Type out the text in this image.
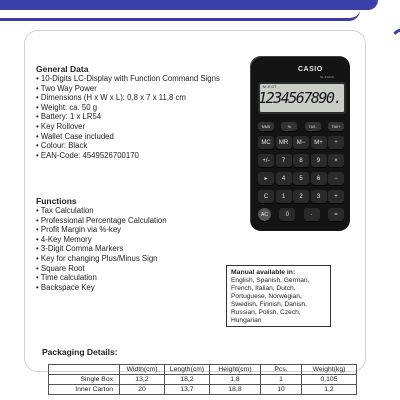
General Data
• 10-Digits LC-Display with Function Command Signs
• Two Way Power
• Dimensions (H x W x L): 0,8 x 7 x 11,8 cm
• Weight: ca. 50 g
• Battery: 1 x LR54
• Key Rollover
• Wallet Case included
• Colour: Black
• EAN-Code: 4549526700170
Functions
• Tax Calculation
• Professional Percentage Calculation
• Profit Margin via %-key
• 4-Key Memory
• 3-Digit Comma Markers
• Key for changing Plus/Minus Sign
• Square Root
• Time calculation
• Backspace Key
Manual available in:
English, Spanish, German, French, Italian, Dutch, Portuguese, Norwegian, Swedish, Finnish, Danish, Russian, Polish, Czech, Hungarian
Packaging Details:
	Width(cm)	Length(cm)	Height(cm)	Pcs.	Weight(kg)
Single Box	13,2	18,2	1,8	1	0,105
Inner Carton	20	13,7	18,8	10	1,2
CASIO
SL-310UC
M -E GT
1234567890.
MMS	%	TAX-	TAX+
MC	MR	M−	M+	÷
+/-	7	8	9	×
▸	4	5	6	−
C	1	2	3	+
AC	0	·	=
